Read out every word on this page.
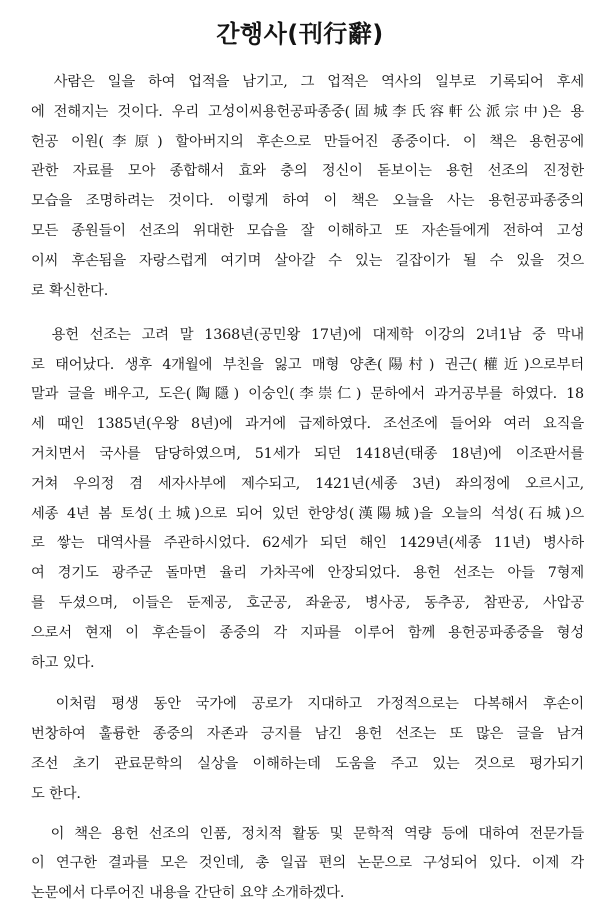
간행사(刊行辭)

　사람은 일을 하여 업적을 남기고, 그 업적은 역사의 일부로 기록되어 후세
에 전해지는 것이다. 우리 고성이씨용헌공파종중(固城李氏容軒公派宗中)은 용
헌공 이원(李原) 할아버지의 후손으로 만들어진 종중이다. 이 책은 용헌공에
관한 자료를 모아 종합해서 효와 충의 정신이 돋보이는 용헌 선조의 진정한
모습을 조명하려는 것이다. 이렇게 하여 이 책은 오늘을 사는 용헌공파종중의
모든 종원들이 선조의 위대한 모습을 잘 이해하고 또 자손들에게 전하여 고성
이씨 후손됨을 자랑스럽게 여기며 살아갈 수 있는 길잡이가 될 수 있을 것으
로 확신한다.

　용헌 선조는 고려 말 1368년(공민왕 17년)에 대제학 이강의 2녀1남 중 막내
로 태어났다. 생후 4개월에 부친을 잃고 매형 양촌(陽村) 권근(權近)으로부터
말과 글을 배우고, 도은(陶隱) 이숭인(李崇仁) 문하에서 과거공부를 하였다. 18
세 때인 1385년(우왕 8년)에 과거에 급제하였다. 조선조에 들어와 여러 요직을
거치면서 국사를 담당하였으며, 51세가 되던 1418년(태종 18년)에 이조판서를
거쳐 우의정 겸 세자사부에 제수되고, 1421년(세종 3년) 좌의정에 오르시고,
세종 4년 봄 토성(土城)으로 되어 있던 한양성(漢陽城)을 오늘의 석성(石城)으
로 쌓는 대역사를 주관하시었다. 62세가 되던 해인 1429년(세종 11년) 병사하
여 경기도 광주군 돌마면 율리 가차곡에 안장되었다. 용헌 선조는 아들 7형제
를 두셨으며, 이들은 둔제공, 호군공, 좌윤공, 병사공, 동추공, 참판공, 사압공
으로서 현재 이 후손들이 종중의 각 지파를 이루어 함께 용헌공파종중을 형성
하고 있다.

　이처럼 평생 동안 국가에 공로가 지대하고 가정적으로는 다복해서 후손이
번창하여 훌륭한 종중의 자존과 긍지를 남긴 용헌 선조는 또 많은 글을 남겨
조선 초기 관료문학의 실상을 이해하는데 도움을 주고 있는 것으로 평가되기
도 한다.

　이 책은 용헌 선조의 인품, 정치적 활동 및 문학적 역량 등에 대하여 전문가들
이 연구한 결과를 모은 것인데, 총 일곱 편의 논문으로 구성되어 있다. 이제 각
논문에서 다루어진 내용을 간단히 요약 소개하겠다.
